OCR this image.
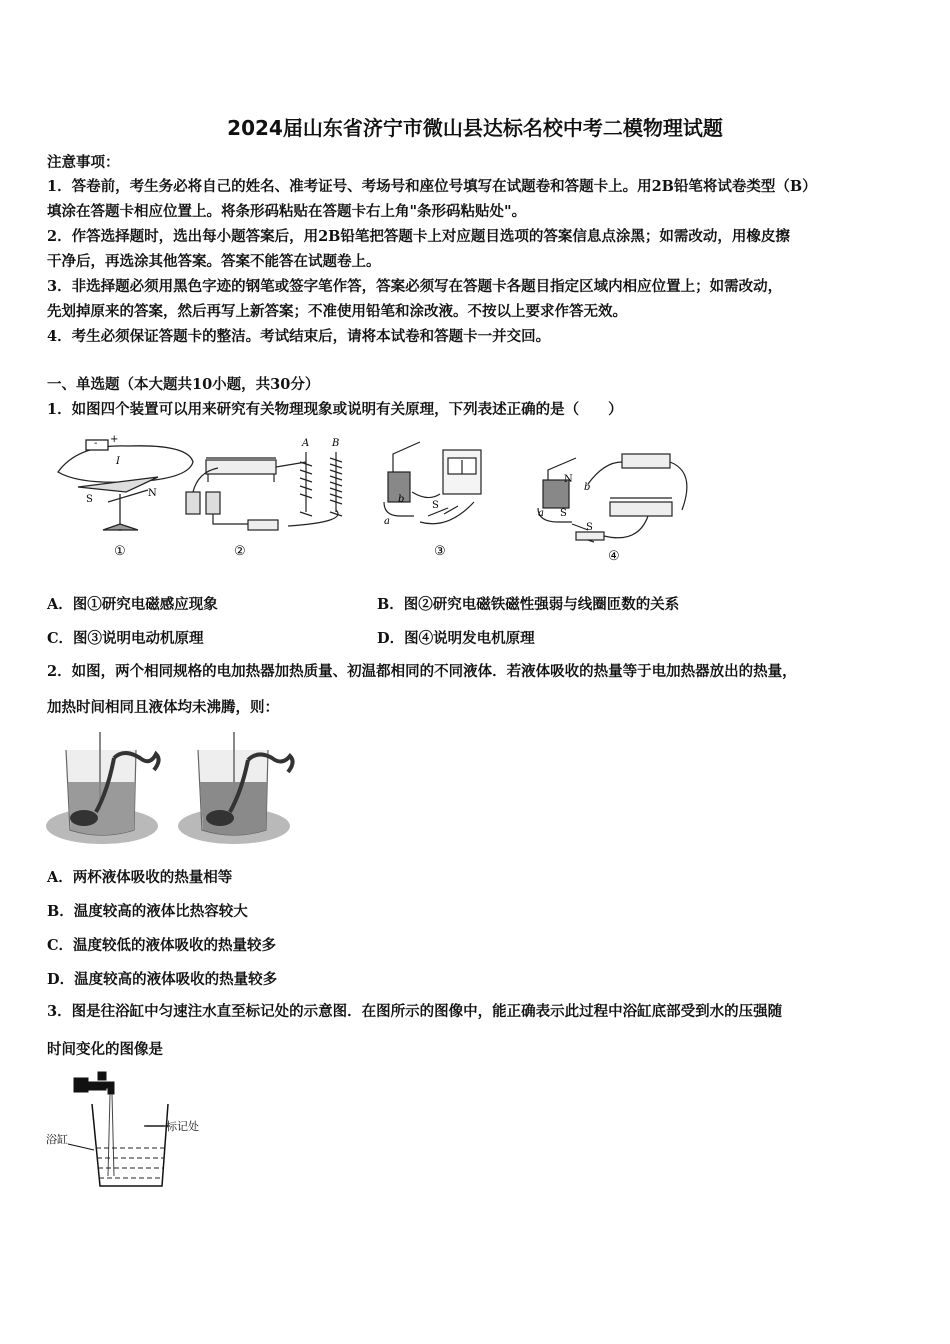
2024届山东省济宁市微山县达标名校中考二模物理试题
注意事项：
1．答卷前，考生务必将自己的姓名、准考证号、考场号和座位号填写在试题卷和答题卡上。用2B铅笔将试卷类型（B）
填涂在答题卡相应位置上。将条形码粘贴在答题卡右上角"条形码粘贴处"。
2．作答选择题时，选出每小题答案后，用2B铅笔把答题卡上对应题目选项的答案信息点涂黑；如需改动，用橡皮擦
干净后，再选涂其他答案。答案不能答在试题卷上。
3．非选择题必须用黑色字迹的钢笔或签字笔作答，答案必须写在答题卡各题目指定区域内相应位置上；如需改动，
先划掉原来的答案，然后再写上新答案；不准使用铅笔和涂改液。不按以上要求作答无效。
4．考生必须保证答题卡的整洁。考试结束后，请将本试卷和答题卡一并交回。
一、单选题（本大题共10小题，共30分）
1．如图四个装置可以用来研究有关物理现象或说明有关原理，下列表述正确的是（　　）
- +
I
S
N
①
A B
②
b
a
S
③
N
b
a S
S
④
A．图①研究电磁感应现象	B．图②研究电磁铁磁性强弱与线圈匝数的关系
C．图③说明电动机原理	D．图④说明发电机原理
2．如图，两个相同规格的电加热器加热质量、初温都相同的不同液体．若液体吸收的热量等于电加热器放出的热量，
加热时间相同且液体均未沸腾，则：
A．两杯液体吸收的热量相等
B．温度较高的液体比热容较大
C．温度较低的液体吸收的热量较多
D．温度较高的液体吸收的热量较多
3．图是往浴缸中匀速注水直至标记处的示意图．在图所示的图像中，能正确表示此过程中浴缸底部受到水的压强随
时间变化的图像是
标记处
浴缸
